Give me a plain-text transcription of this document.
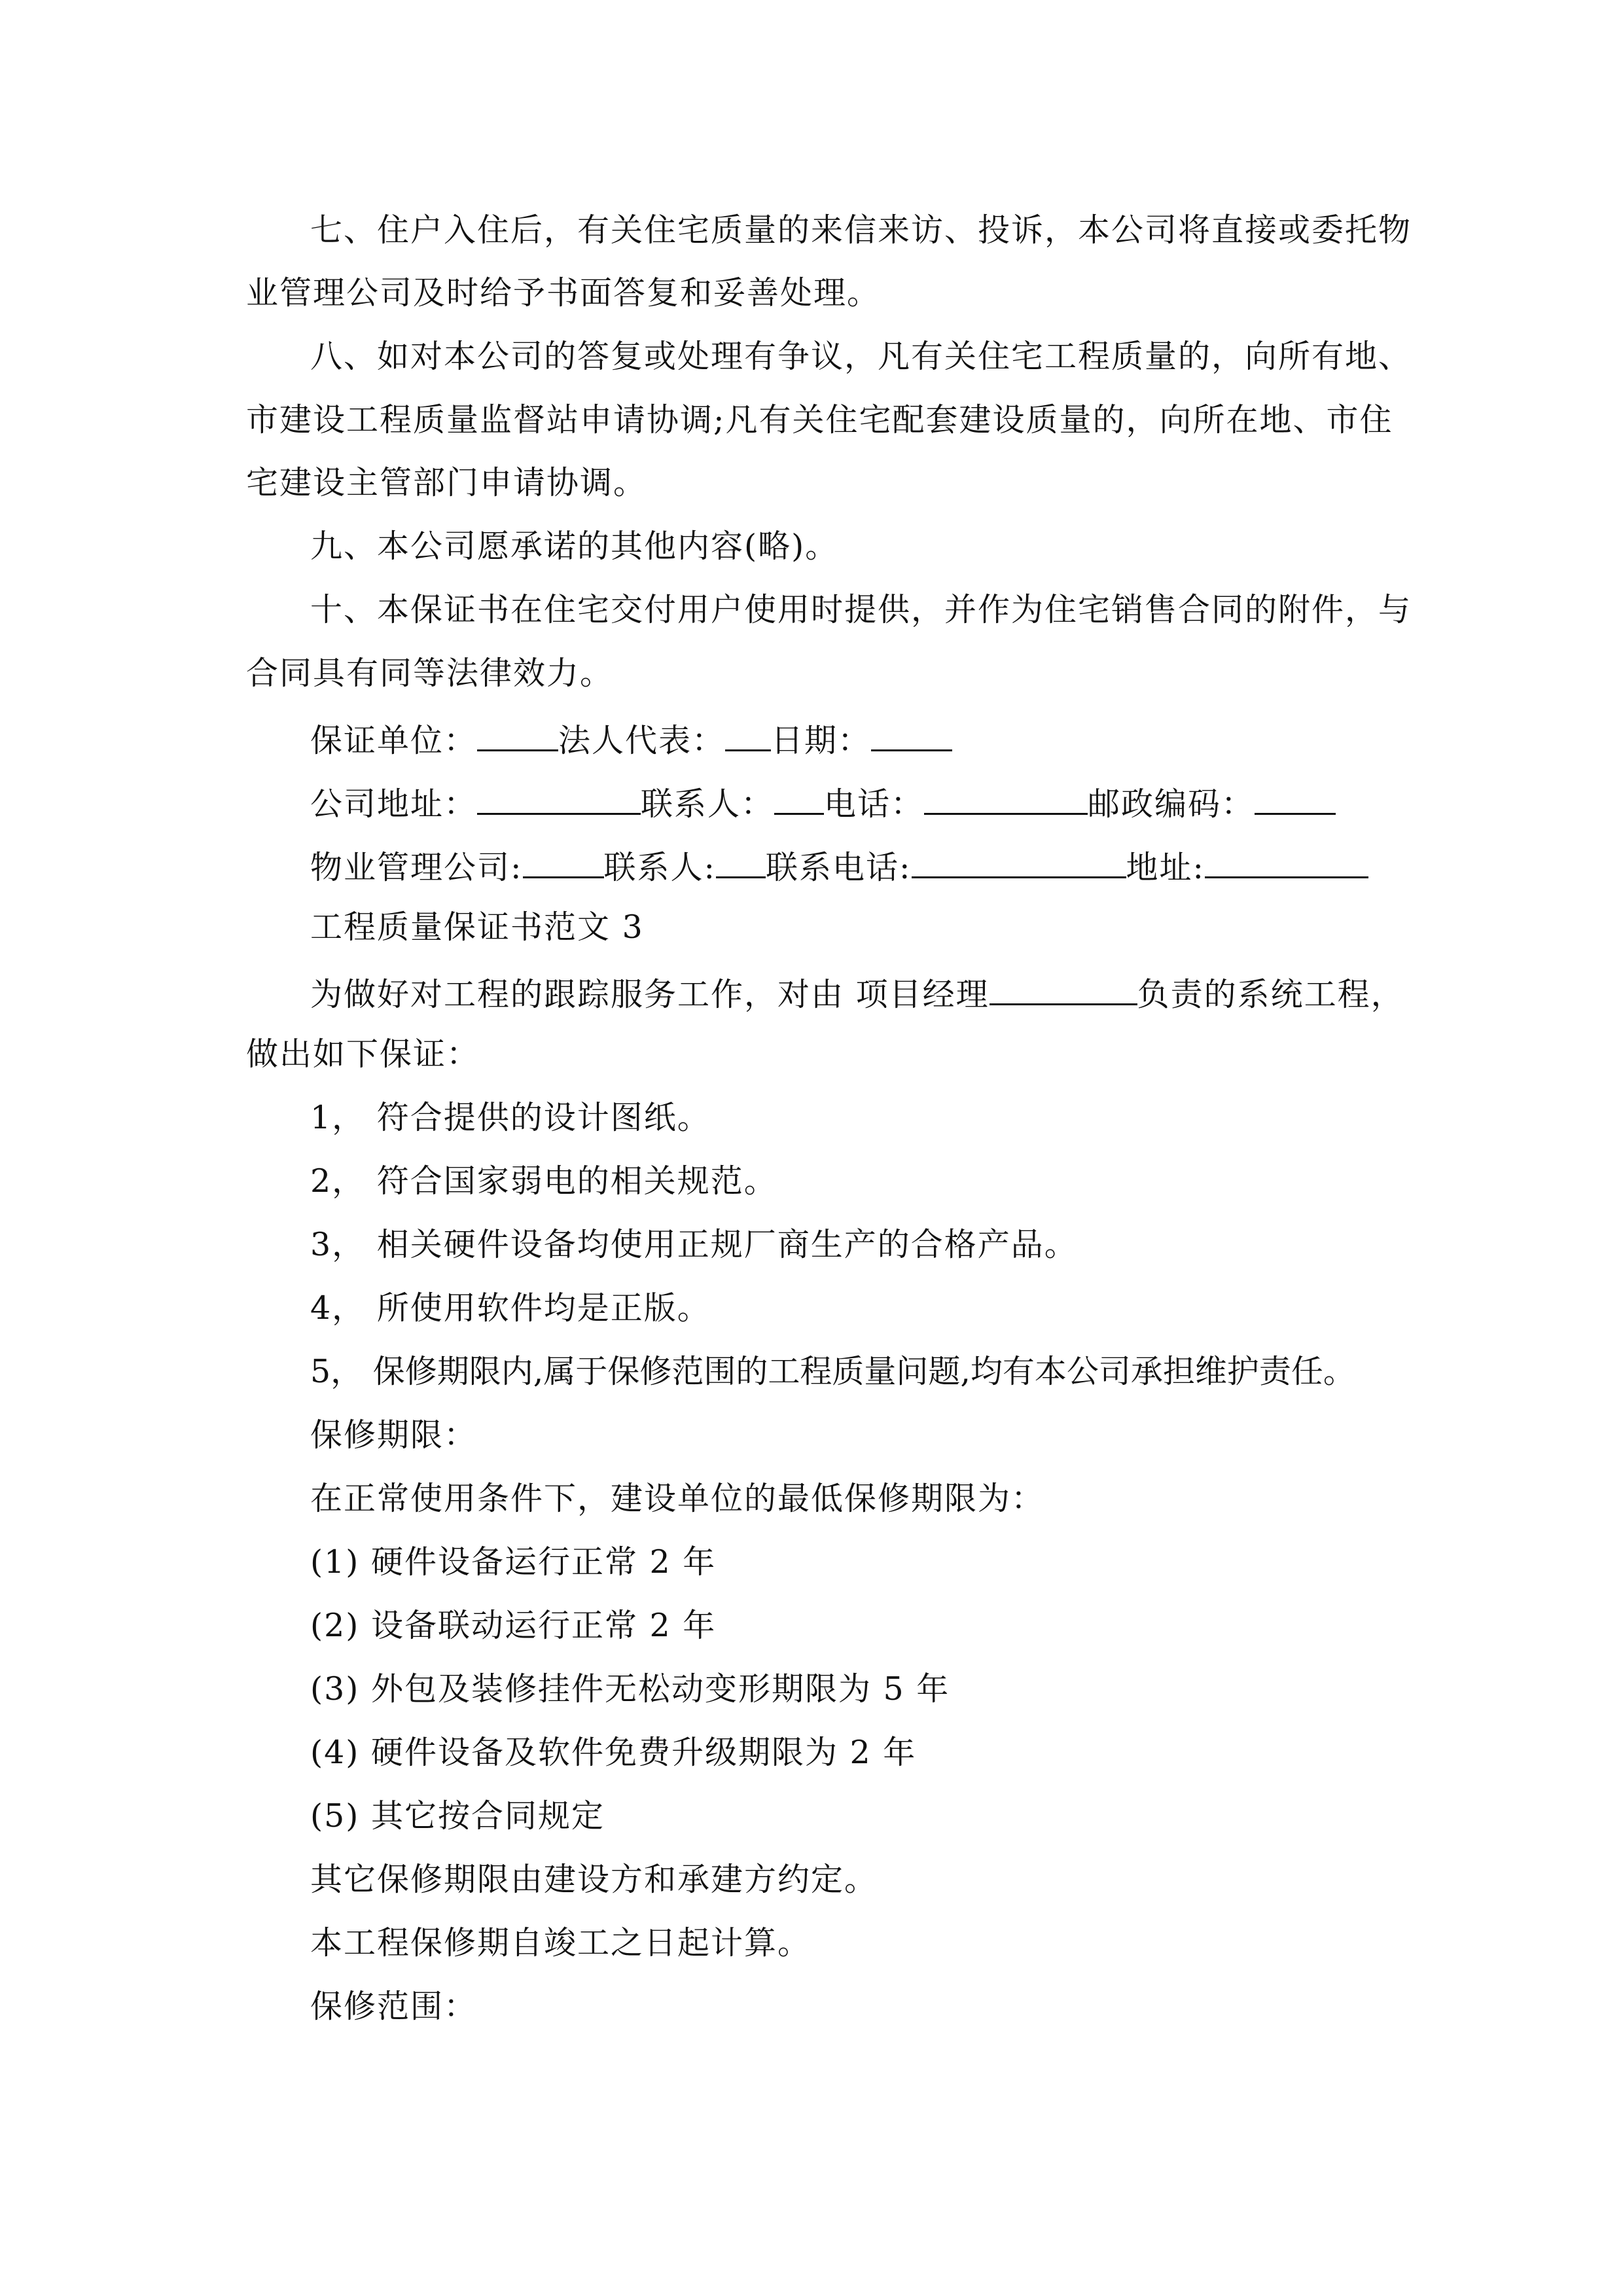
七、住户入住后，有关住宅质量的来信来访、投诉，本公司将直接或委托物
业管理公司及时给予书面答复和妥善处理。
八、如对本公司的答复或处理有争议，凡有关住宅工程质量的，向所有地、
市建设工程质量监督站申请协调;凡有关住宅配套建设质量的，向所在地、市住
宅建设主管部门申请协调。
九、本公司愿承诺的其他内容(略)。
十、本保证书在住宅交付用户使用时提供，并作为住宅销售合同的附件，与
合同具有同等法律效力。
保证单位：	法人代表： 日期：
公司地址：	联系人： 电话：	邮政编码：
物业管理公司:	联系人: 联系电话:	地址:
工程质量保证书范文 3
为做好对工程的跟踪服务工作，对由 项目经理	负责的系统工程，
做出如下保证：
1， 符合提供的设计图纸。
2， 符合国家弱电的相关规范。
3， 相关硬件设备均使用正规厂商生产的合格产品。
4， 所使用软件均是正版。
5， 保修期限内,属于保修范围的工程质量问题,均有本公司承担维护责任。
保修期限：
在正常使用条件下，建设单位的最低保修期限为：
(1) 硬件设备运行正常 2 年
(2) 设备联动运行正常 2 年
(3) 外包及装修挂件无松动变形期限为 5 年
(4) 硬件设备及软件免费升级期限为 2 年
(5) 其它按合同规定
其它保修期限由建设方和承建方约定。
本工程保修期自竣工之日起计算。
保修范围：
